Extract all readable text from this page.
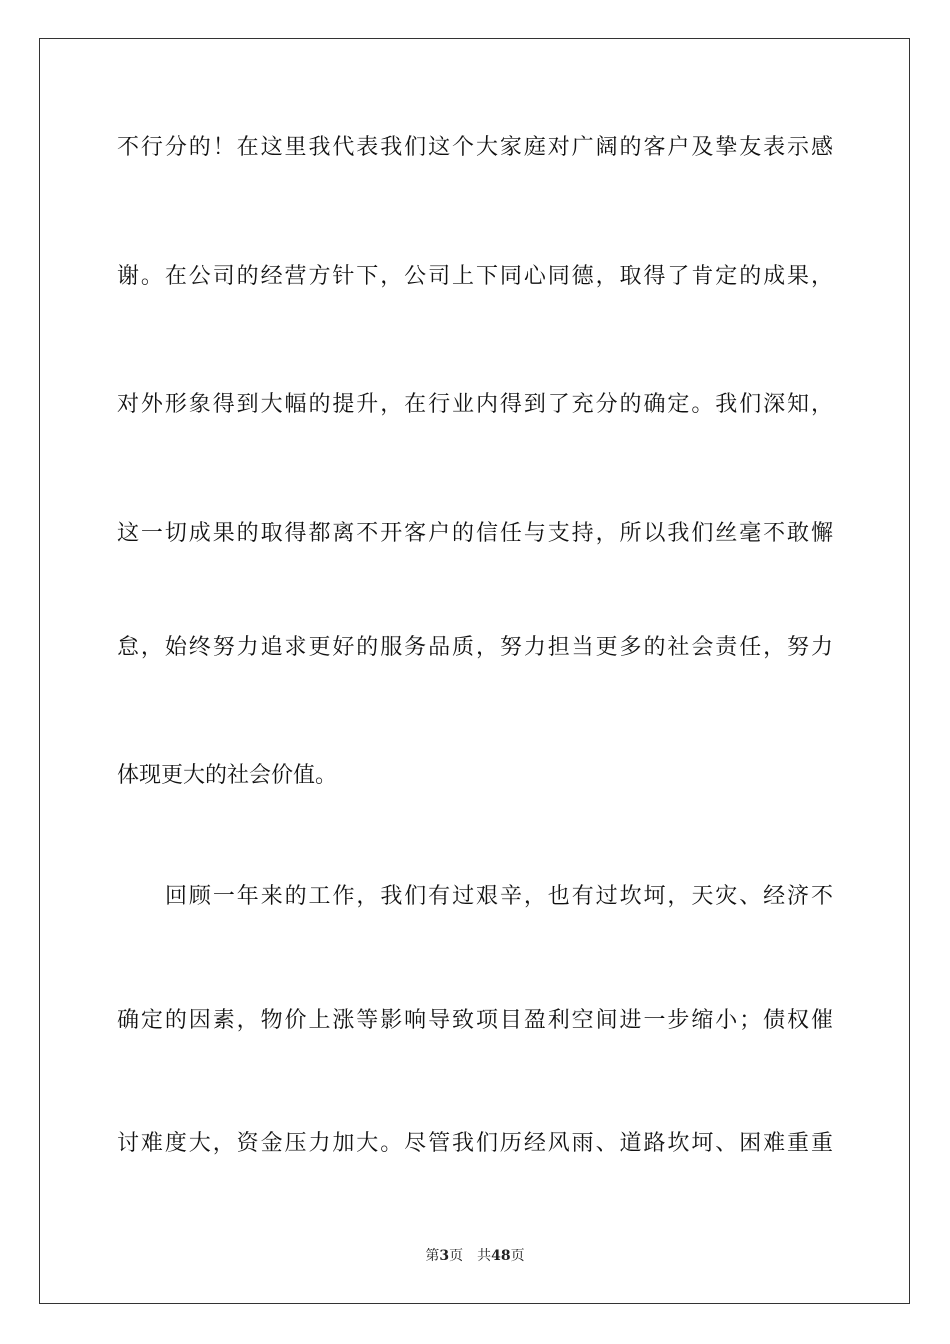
不行分的！在这里我代表我们这个大家庭对广阔的客户及挚友表示感
谢。在公司的经营方针下，公司上下同心同德，取得了肯定的成果，
对外形象得到大幅的提升，在行业内得到了充分的确定。我们深知，
这一切成果的取得都离不开客户的信任与支持，所以我们丝毫不敢懈
怠，始终努力追求更好的服务品质，努力担当更多的社会责任，努力
体现更大的社会价值。
回顾一年来的工作，我们有过艰辛，也有过坎坷，天灾、经济不
确定的因素，物价上涨等影响导致项目盈利空间进一步缩小；债权催
讨难度大，资金压力加大。尽管我们历经风雨、道路坎坷、困难重重
第3页 共48页
